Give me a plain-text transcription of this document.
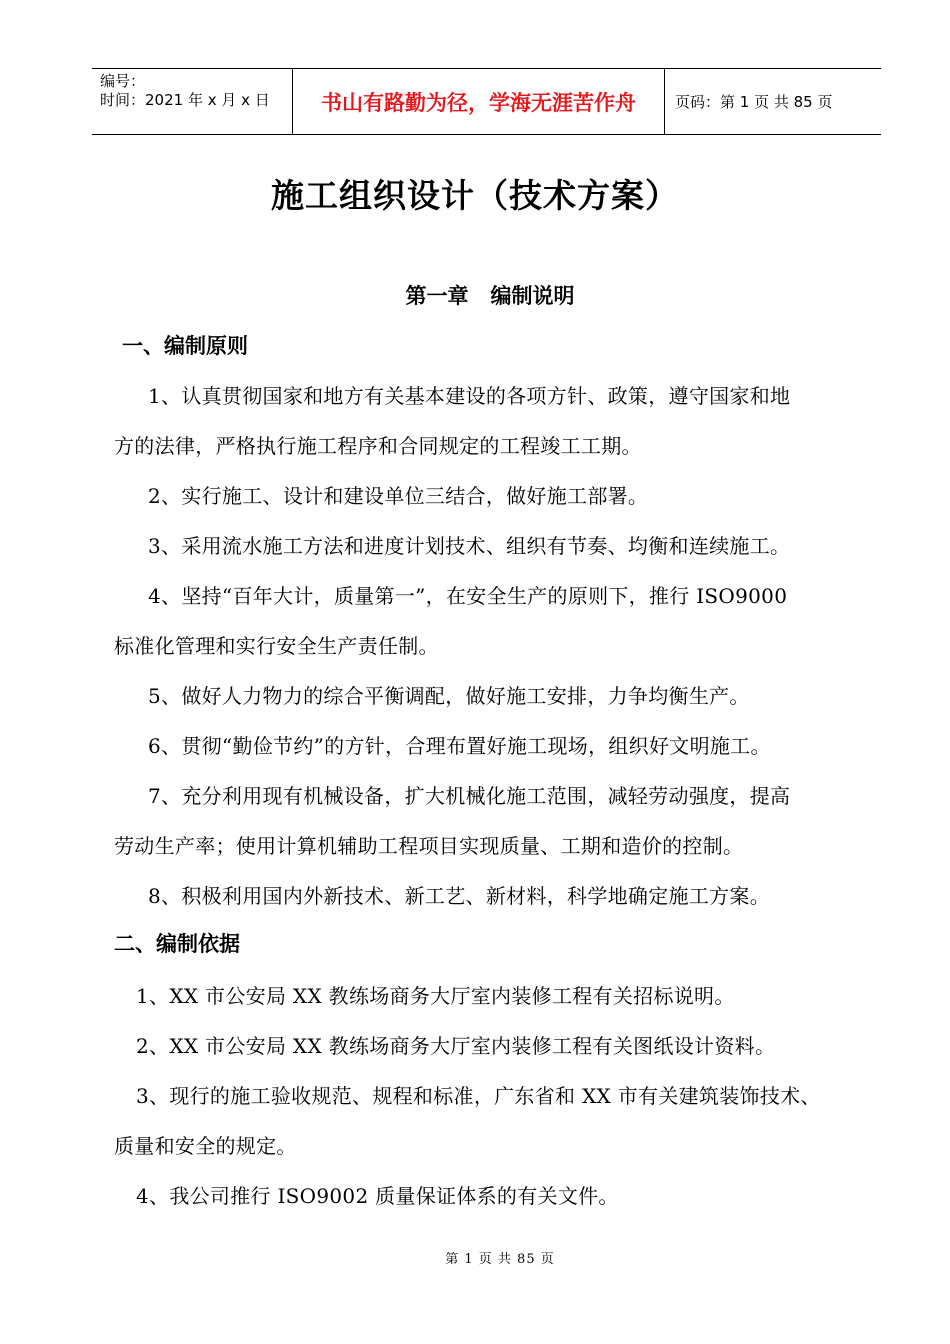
编号：
时间：2021 年 x 月 x 日	书山有路勤为径，学海无涯苦作舟	页码：第 1 页 共 85 页
施工组织设计（技术方案）
第一章   编制说明
一、编制原则
1、认真贯彻国家和地方有关基本建设的各项方针、政策，遵守国家和地
方的法律，严格执行施工程序和合同规定的工程竣工工期。
2、实行施工、设计和建设单位三结合，做好施工部署。
3、采用流水施工方法和进度计划技术、组织有节奏、均衡和连续施工。
4、坚持“百年大计，质量第一”，在安全生产的原则下，推行 ISO9000
标准化管理和实行安全生产责任制。
5、做好人力物力的综合平衡调配，做好施工安排，力争均衡生产。
6、贯彻“勤俭节约”的方针，合理布置好施工现场，组织好文明施工。
7、充分利用现有机械设备，扩大机械化施工范围，减轻劳动强度，提高
劳动生产率；使用计算机辅助工程项目实现质量、工期和造价的控制。
8、积极利用国内外新技术、新工艺、新材料，科学地确定施工方案。
二、编制依据
1、XX 市公安局 XX 教练场商务大厅室内装修工程有关招标说明。
2、XX 市公安局 XX 教练场商务大厅室内装修工程有关图纸设计资料。
3、现行的施工验收规范、规程和标准，广东省和 XX 市有关建筑装饰技术、
质量和安全的规定。
4、我公司推行 ISO9002 质量保证体系的有关文件。
第 1 页 共 85 页
